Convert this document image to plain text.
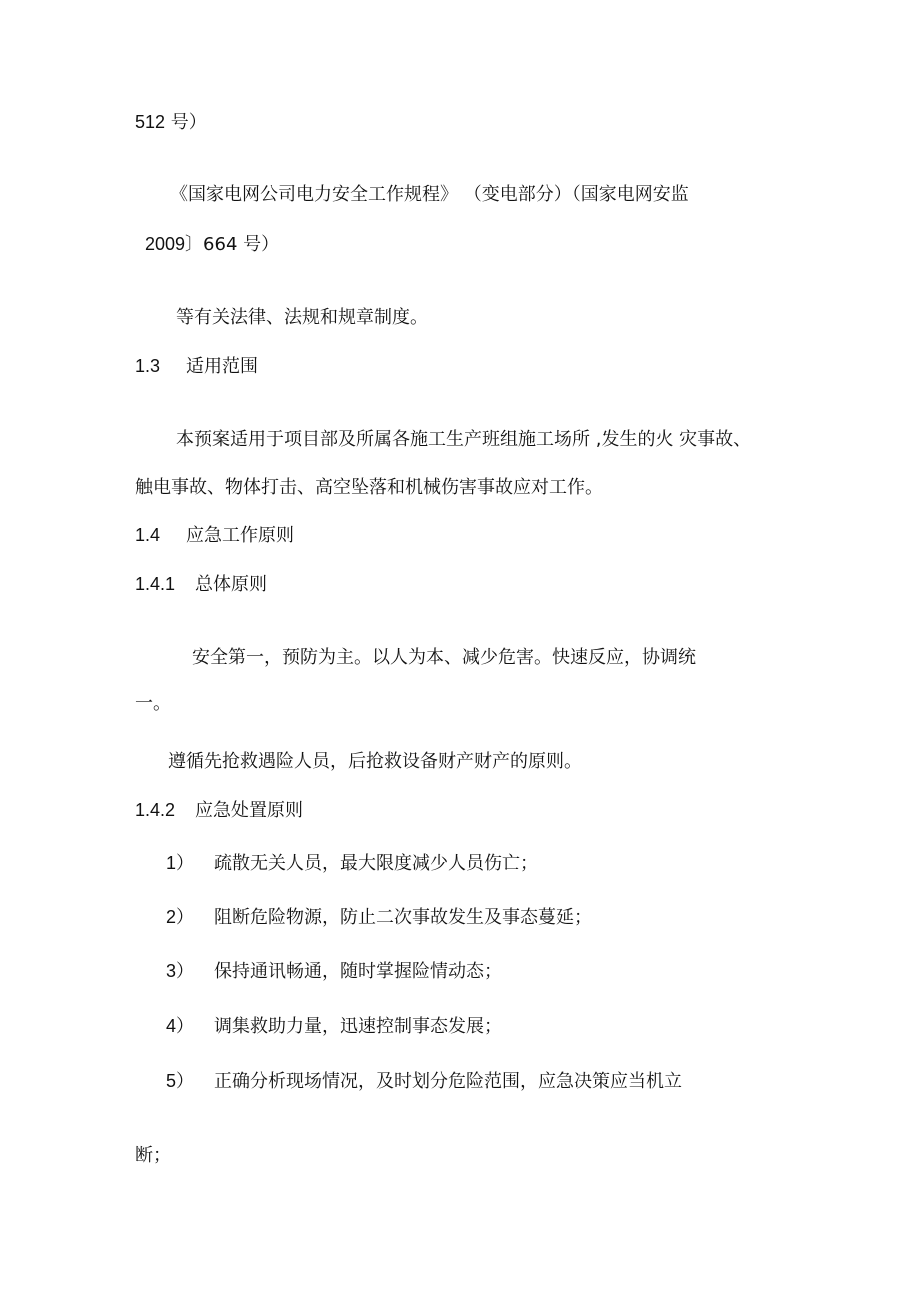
512 号）
《国家电网公司电力安全工作规程》 （变电部分）（国家电网安监
2009〕664 号）
等有关法律、法规和规章制度。
1.3 适用范围
本预案适用于项目部及所属各施工生产班组施工场所 ,发生的火 灾事故、
触电事故、物体打击、高空坠落和机械伤害事故应对工作。
1.4 应急工作原则
1.4.1 总体原则
安全第一，预防为主。以人为本、减少危害。快速反应，协调统
一。
遵循先抢救遇险人员，后抢救设备财产财产的原则。
1.4.2 应急处置原则
1） 疏散无关人员，最大限度减少人员伤亡；
2） 阻断危险物源，防止二次事故发生及事态蔓延；
3） 保持通讯畅通，随时掌握险情动态；
4） 调集救助力量，迅速控制事态发展；
5） 正确分析现场情况，及时划分危险范围，应急决策应当机立
断；
